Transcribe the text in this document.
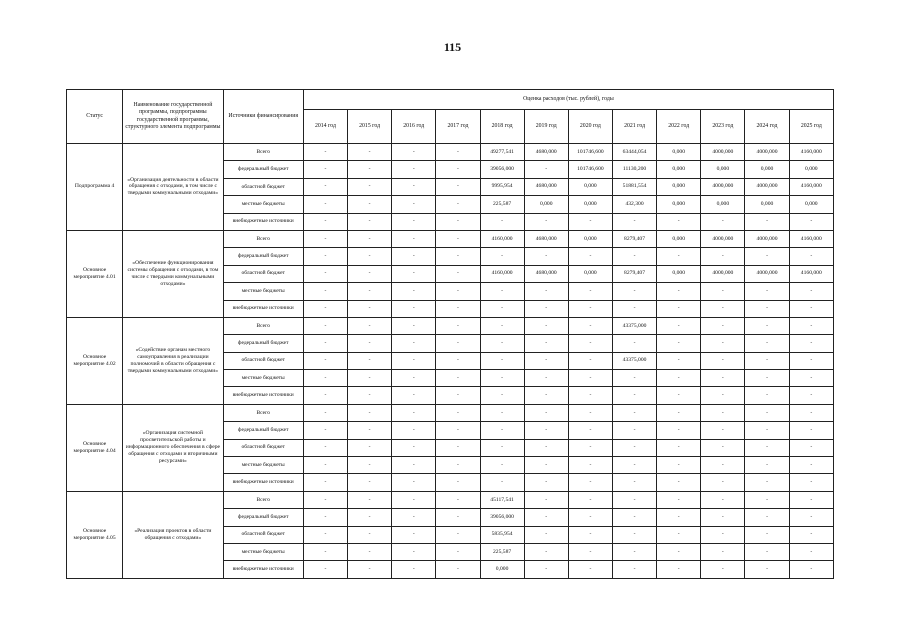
115
Статус	Наименование государственной программы, подпрограммы государственной программы, структурного элемента подпрограммы	Источники финансирования	Оценка расходов (тыс. рублей), годы											
			2014 год	2015 год	2016 год	2017 год	2018 год	2019 год	2020 год	2021 год	2022 год	2023 год	2024 год	2025 год
Подпрограмма 4	«Организация деятельности в области обращения с отходами, в том числе с твердыми коммунальными отходами»	Всего	-	-	-	-	49277,541	4680,000	101746,600	63444,054	0,000	4000,000	4000,000	4160,000
		федеральный бюджет	-	-	-	-	39056,000	-	101746,600	11130,200	0,000	0,000	0,000	0,000
		областной бюджет	-	-	-	-	9995,954	4680,000	0,000	51881,554	0,000	4000,000	4000,000	4160,000
		местные бюджеты	-	-	-	-	225,587	0,000	0,000	432,300	0,000	0,000	0,000	0,000
		внебюджетные источники	-	-	-	-	-	-	-	-	-	-	-	-
Основное мероприятие 4.01	«Обеспечение функционирования системы обращения с отходами, в том числе с твердыми коммунальными отходами»	Всего	-	-	-	-	4160,000	4680,000	0,000	8279,407	0,000	4000,000	4000,000	4160,000
		федеральный бюджет	-	-	-	-	-	-	-	-	-	-	-	-
		областной бюджет	-	-	-	-	4160,000	4680,000	0,000	8279,407	0,000	4000,000	4000,000	4160,000
		местные бюджеты	-	-	-	-	-	-	-	-	-	-	-	-
		внебюджетные источники	-	-	-	-	-	-	-	-	-	-	-	-
Основное мероприятие 4.02	«Содействие органам местного самоуправления в реализации полномочий в области обращения с твердыми коммунальными отходами»	Всего	-	-	-	-	-	-	-	43375,000	-	-	-	-
		федеральный бюджет	-	-	-	-	-	-	-	-	-	-	-	-
		областной бюджет	-	-	-	-	-	-	-	43375,000	-	-	-	-
		местные бюджеты	-	-	-	-	-	-	-	-	-	-	-	-
		внебюджетные источники	-	-	-	-	-	-	-	-	-	-	-	-
Основное мероприятие 4.04	«Организация системной просветительской работы и информационного обеспечения в сфере обращения с отходами и вторичными ресурсами»	Всего	-	-	-	-	-	-	-	-	-	-	-	-
		федеральный бюджет	-	-	-	-	-	-	-	-	-	-	-	-
		областной бюджет	-	-	-	-	-	-	-	-	-	-	-	-
		местные бюджеты	-	-	-	-	-	-	-	-	-	-	-	-
		внебюджетные источники	-	-	-	-	-	-	-	-	-	-	-	-
Основное мероприятие 4.05	«Реализация проектов в области обращения с отходами»	Всего	-	-	-	-	45117,541	-	-	-	-	-	-	-
		федеральный бюджет	-	-	-	-	39056,000	-	-	-	-	-	-	-
		областной бюджет	-	-	-	-	5835,954	-	-	-	-	-	-	-
		местные бюджеты	-	-	-	-	225,587	-	-	-	-	-	-	-
		внебюджетные источники	-	-	-	-	0,000	-	-	-	-	-	-	-
